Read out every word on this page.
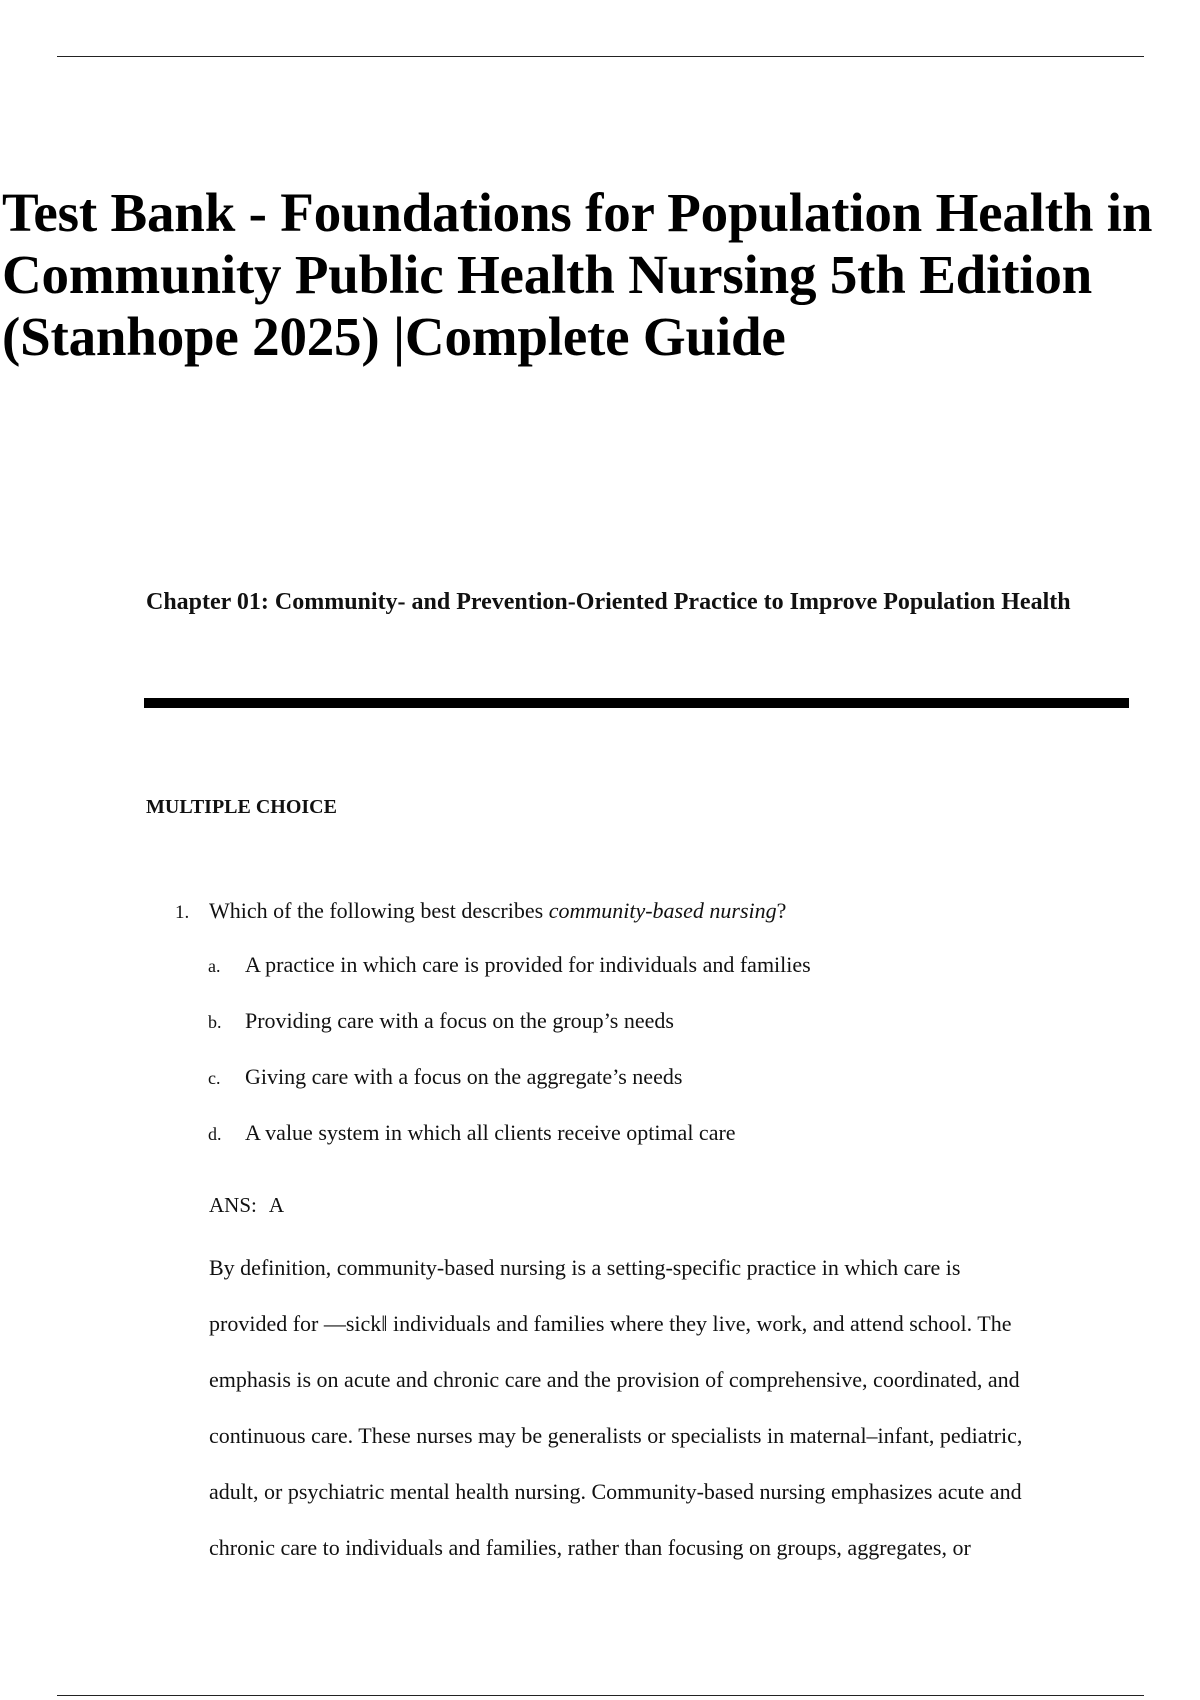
Test Bank - Foundations for Population Health in Community Public Health Nursing 5th Edition (Stanhope 2025) |Complete Guide
Chapter 01: Community- and Prevention-Oriented Practice to Improve Population Health
MULTIPLE CHOICE
1. Which of the following best describes community-based nursing?
a. A practice in which care is provided for individuals and families
b. Providing care with a focus on the group’s needs
c. Giving care with a focus on the aggregate’s needs
d. A value system in which all clients receive optimal care
ANS: A

By definition, community-based nursing is a setting-specific practice in which care is
provided for ―sick‖ individuals and families where they live, work, and attend school. The
emphasis is on acute and chronic care and the provision of comprehensive, coordinated, and
continuous care. These nurses may be generalists or specialists in maternal–infant, pediatric,
adult, or psychiatric mental health nursing. Community-based nursing emphasizes acute and
chronic care to individuals and families, rather than focusing on groups, aggregates, or
